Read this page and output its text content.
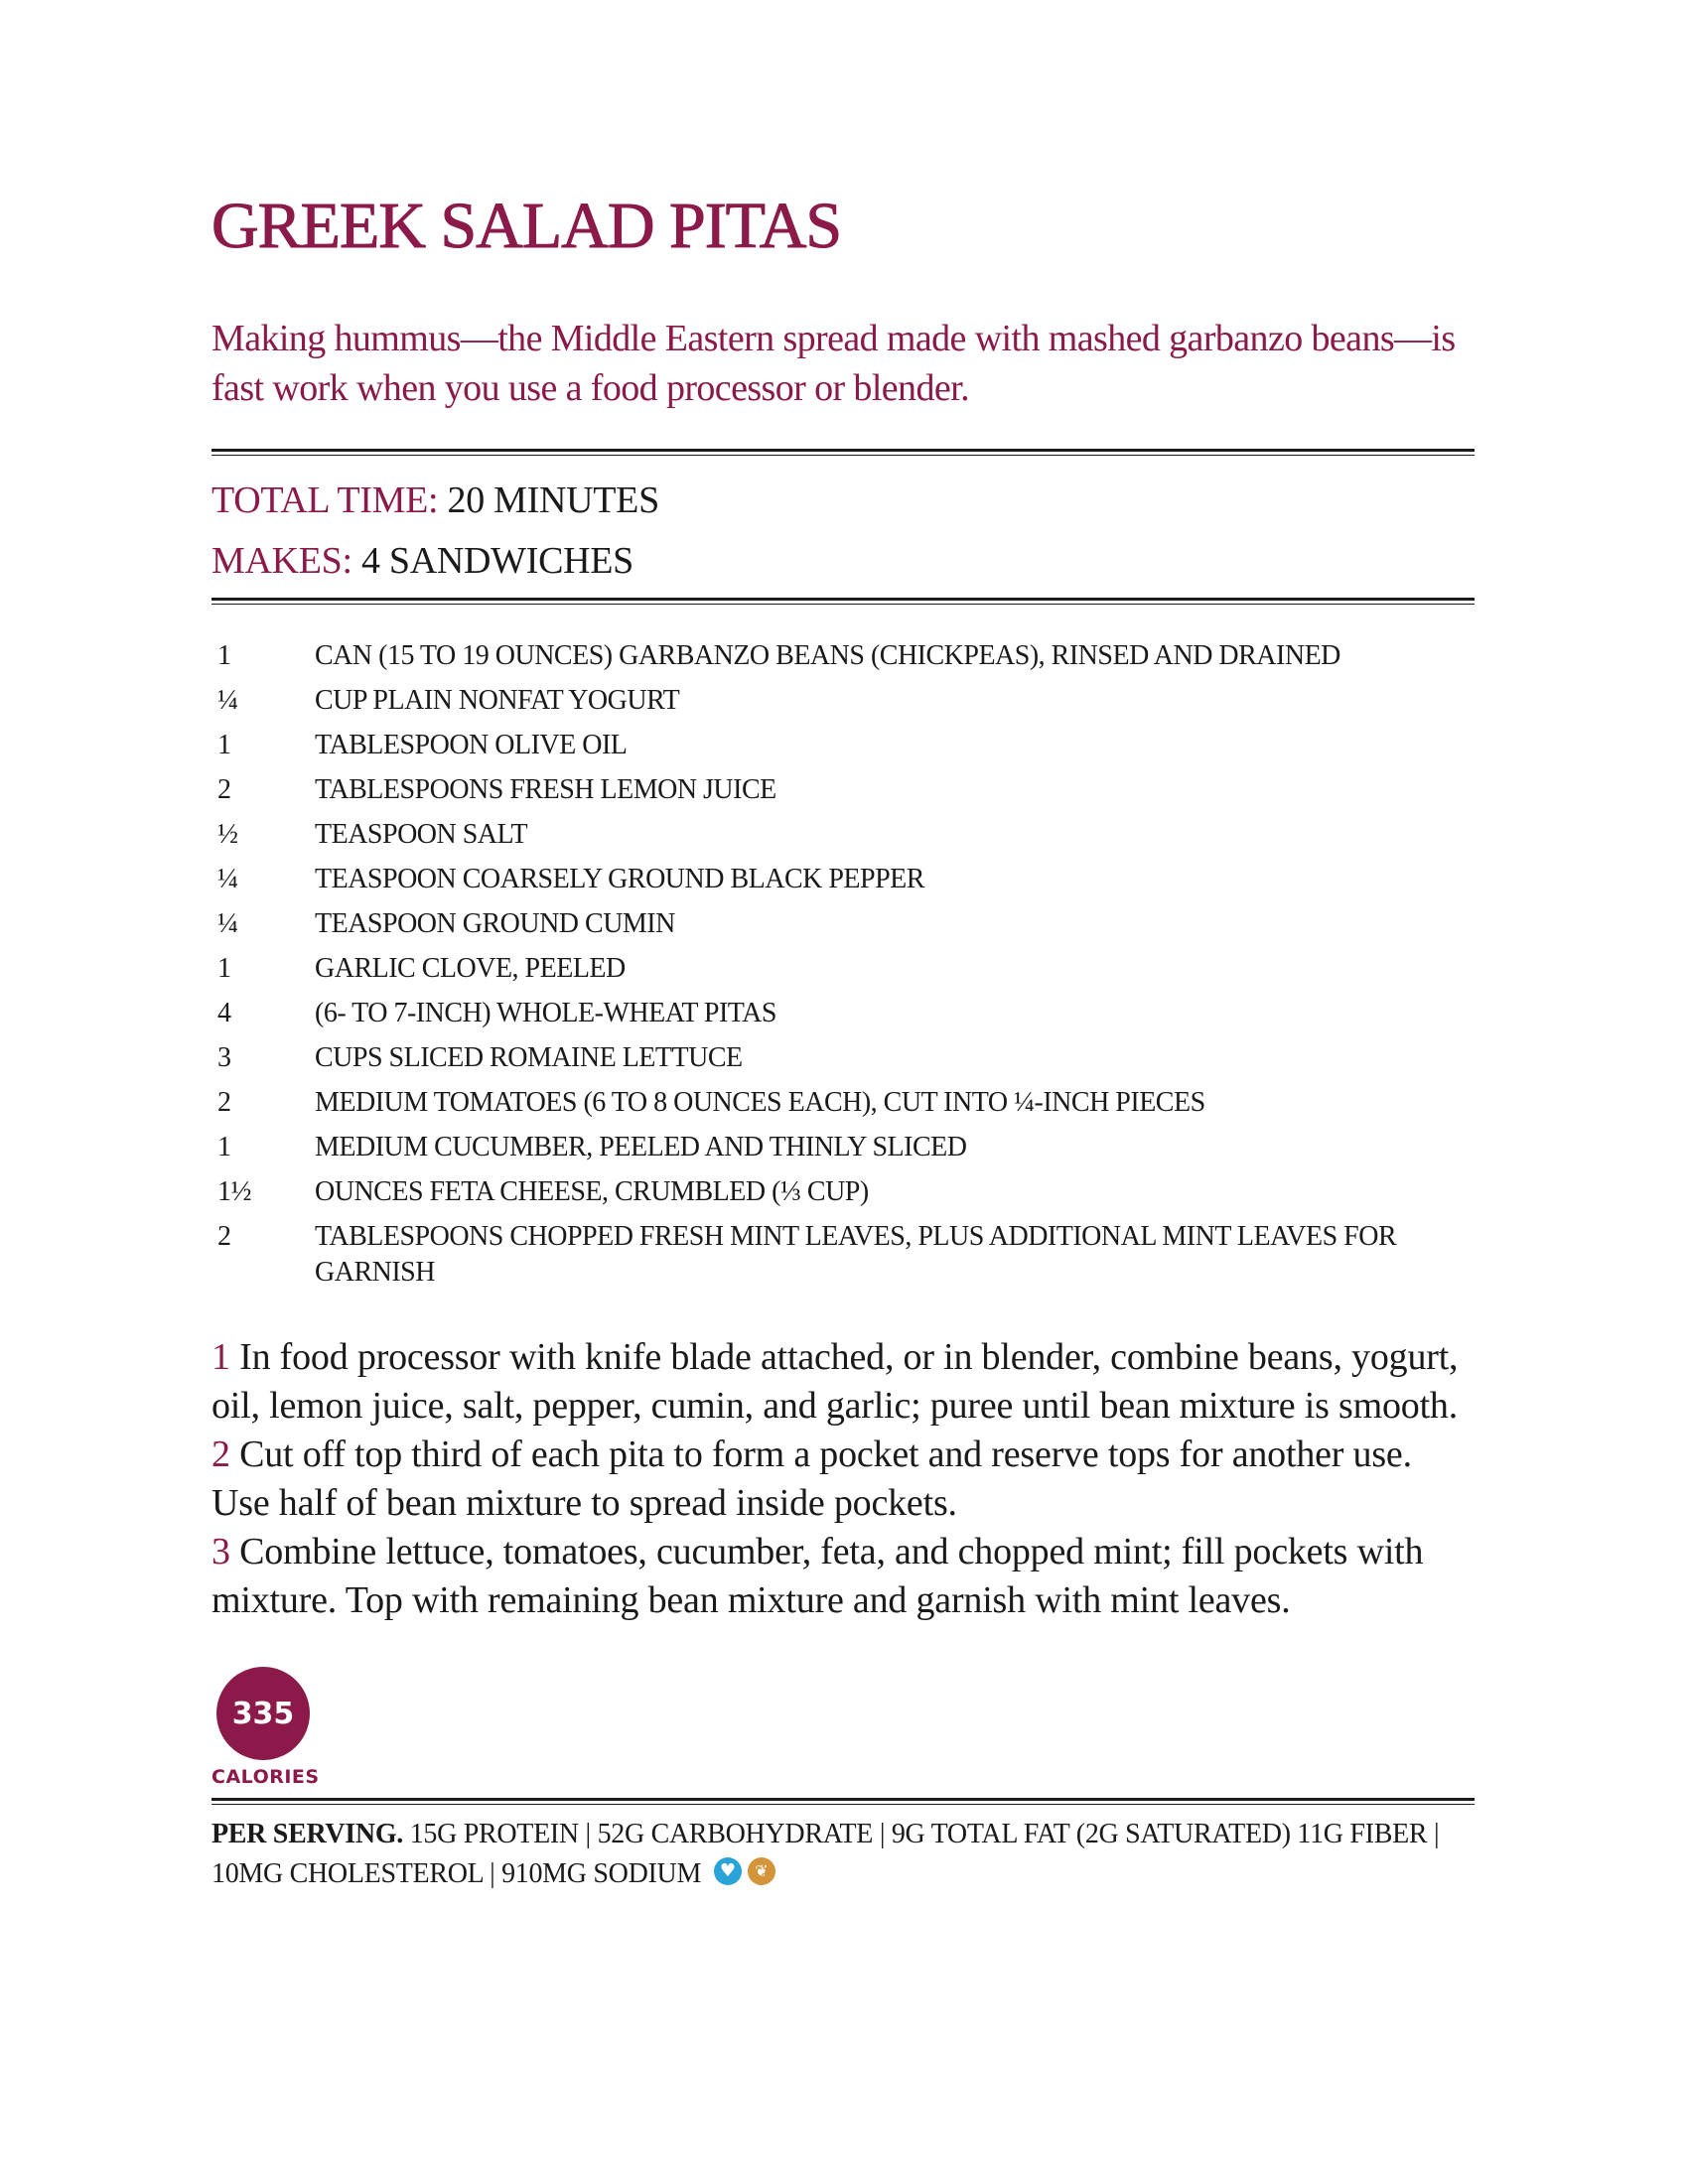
GREEK SALAD PITAS

Making hummus—the Middle Eastern spread made with mashed garbanzo beans—is fast work when you use a food processor or blender.

TOTAL TIME: 20 MINUTES
MAKES: 4 SANDWICHES
1	CAN (15 TO 19 OUNCES) GARBANZO BEANS (CHICKPEAS), RINSED AND DRAINED
¼	CUP PLAIN NONFAT YOGURT
1	TABLESPOON OLIVE OIL
2	TABLESPOONS FRESH LEMON JUICE
½	TEASPOON SALT
¼	TEASPOON COARSELY GROUND BLACK PEPPER
¼	TEASPOON GROUND CUMIN
1	GARLIC CLOVE, PEELED
4	(6- TO 7-INCH) WHOLE-WHEAT PITAS
3	CUPS SLICED ROMAINE LETTUCE
2	MEDIUM TOMATOES (6 TO 8 OUNCES EACH), CUT INTO ¼-INCH PIECES
1	MEDIUM CUCUMBER, PEELED AND THINLY SLICED
1½	OUNCES FETA CHEESE, CRUMBLED (⅓ CUP)
2	TABLESPOONS CHOPPED FRESH MINT LEAVES, PLUS ADDITIONAL MINT LEAVES FOR GARNISH

1 In food processor with knife blade attached, or in blender, combine beans, yogurt, oil, lemon juice, salt, pepper, cumin, and garlic; puree until bean mixture is smooth.

2 Cut off top third of each pita to form a pocket and reserve tops for another use. Use half of bean mixture to spread inside pockets.

3 Combine lettuce, tomatoes, cucumber, feta, and chopped mint; fill pockets with mixture. Top with remaining bean mixture and garnish with mint leaves.

335
CALORIES
PER SERVING. 15G PROTEIN | 52G CARBOHYDRATE | 9G TOTAL FAT (2G SATURATED) 11G FIBER | 10MG CHOLESTEROL | 910MG SODIUM ♥❦
